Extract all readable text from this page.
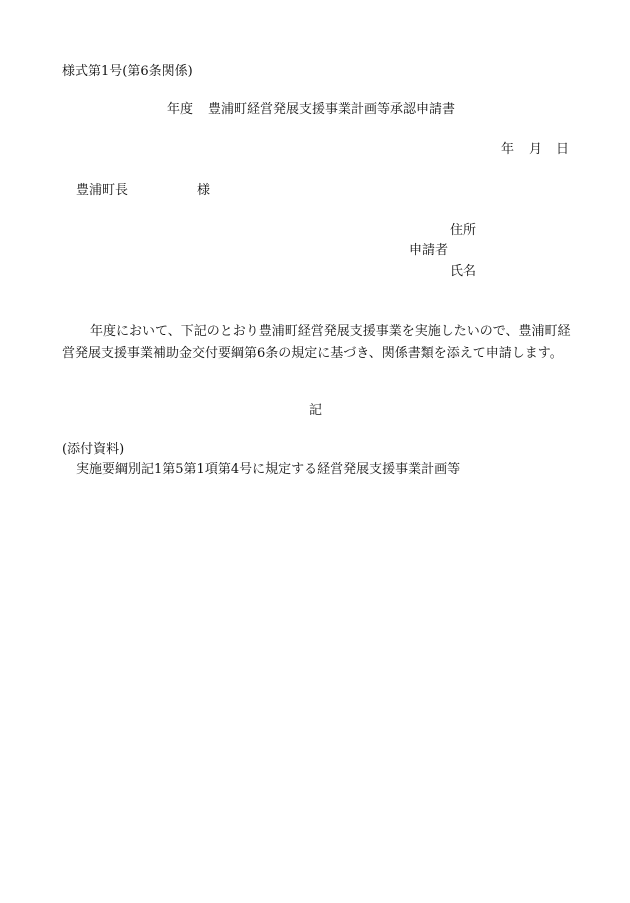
様式第1号(第6条関係)
年度 豊浦町経営発展支援事業計画等承認申請書
年 月 日
豊浦町長	様
住所
申請者
氏名
年度において、下記のとおり豊浦町経営発展支援事業を実施したいので、豊浦町経営発展支援事業補助金交付要綱第6条の規定に基づき、関係書類を添えて申請します。
記
(添付資料)
実施要綱別記1第5第1項第4号に規定する経営発展支援事業計画等
